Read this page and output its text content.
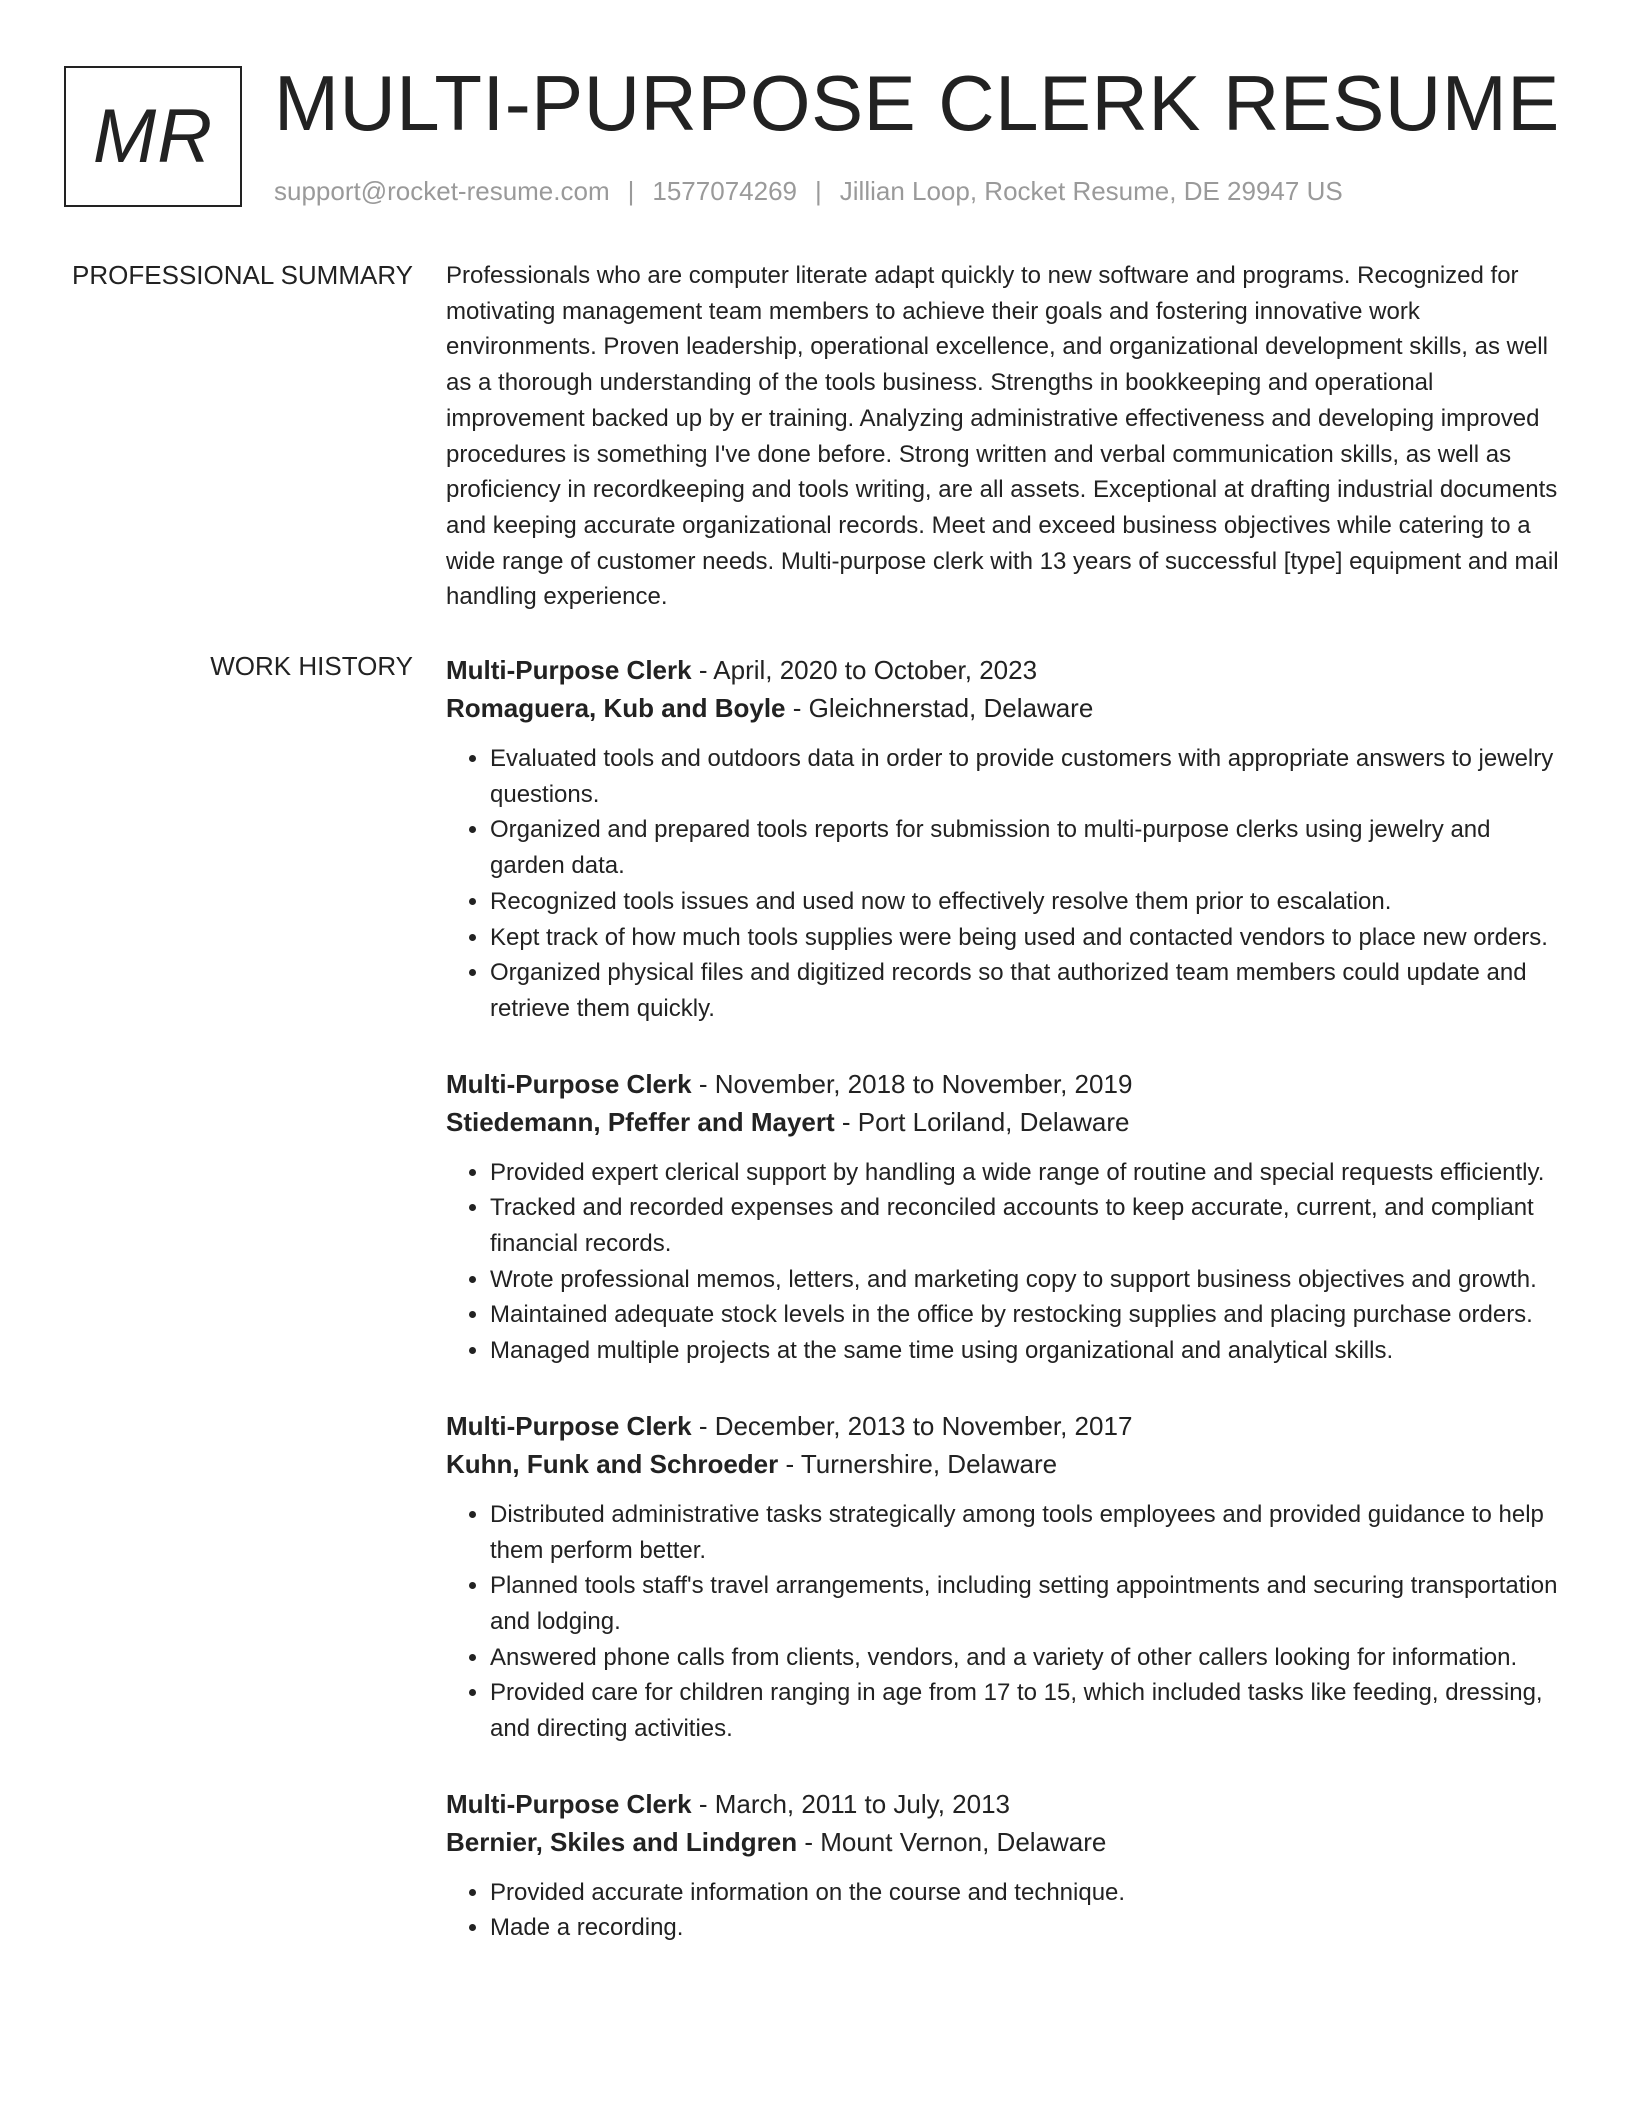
MR MULTI-PURPOSE CLERK RESUME
support@rocket-resume.com | 1577074269 | Jillian Loop, Rocket Resume, DE 29947 US
PROFESSIONAL SUMMARY Professionals who are computer literate adapt quickly to new software and programs. Recognized for motivating management team members to achieve their goals and fostering innovative work environments. Proven leadership, operational excellence, and organizational development skills, as well as a thorough understanding of the tools business. Strengths in bookkeeping and operational improvement backed up by er training. Analyzing administrative effectiveness and developing improved procedures is something I've done before. Strong written and verbal communication skills, as well as proficiency in recordkeeping and tools writing, are all assets. Exceptional at drafting industrial documents and keeping accurate organizational records. Meet and exceed business objectives while catering to a wide range of customer needs. Multi-purpose clerk with 13 years of successful [type] equipment and mail handling experience.
WORK HISTORY Multi-Purpose Clerk - April, 2020 to October, 2023
Romaguera, Kub and Boyle - Gleichnerstad, Delaware
• Evaluated tools and outdoors data in order to provide customers with appropriate answers to jewelry questions.
• Organized and prepared tools reports for submission to multi-purpose clerks using jewelry and garden data.
• Recognized tools issues and used now to effectively resolve them prior to escalation.
• Kept track of how much tools supplies were being used and contacted vendors to place new orders.
• Organized physical files and digitized records so that authorized team members could update and retrieve them quickly.
Multi-Purpose Clerk - November, 2018 to November, 2019
Stiedemann, Pfeffer and Mayert - Port Loriland, Delaware
• Provided expert clerical support by handling a wide range of routine and special requests efficiently.
• Tracked and recorded expenses and reconciled accounts to keep accurate, current, and compliant financial records.
• Wrote professional memos, letters, and marketing copy to support business objectives and growth.
• Maintained adequate stock levels in the office by restocking supplies and placing purchase orders.
• Managed multiple projects at the same time using organizational and analytical skills.
Multi-Purpose Clerk - December, 2013 to November, 2017
Kuhn, Funk and Schroeder - Turnershire, Delaware
• Distributed administrative tasks strategically among tools employees and provided guidance to help them perform better.
• Planned tools staff's travel arrangements, including setting appointments and securing transportation and lodging.
• Answered phone calls from clients, vendors, and a variety of other callers looking for information.
• Provided care for children ranging in age from 17 to 15, which included tasks like feeding, dressing, and directing activities.
Multi-Purpose Clerk - March, 2011 to July, 2013
Bernier, Skiles and Lindgren - Mount Vernon, Delaware
• Provided accurate information on the course and technique.
• Made a recording.
